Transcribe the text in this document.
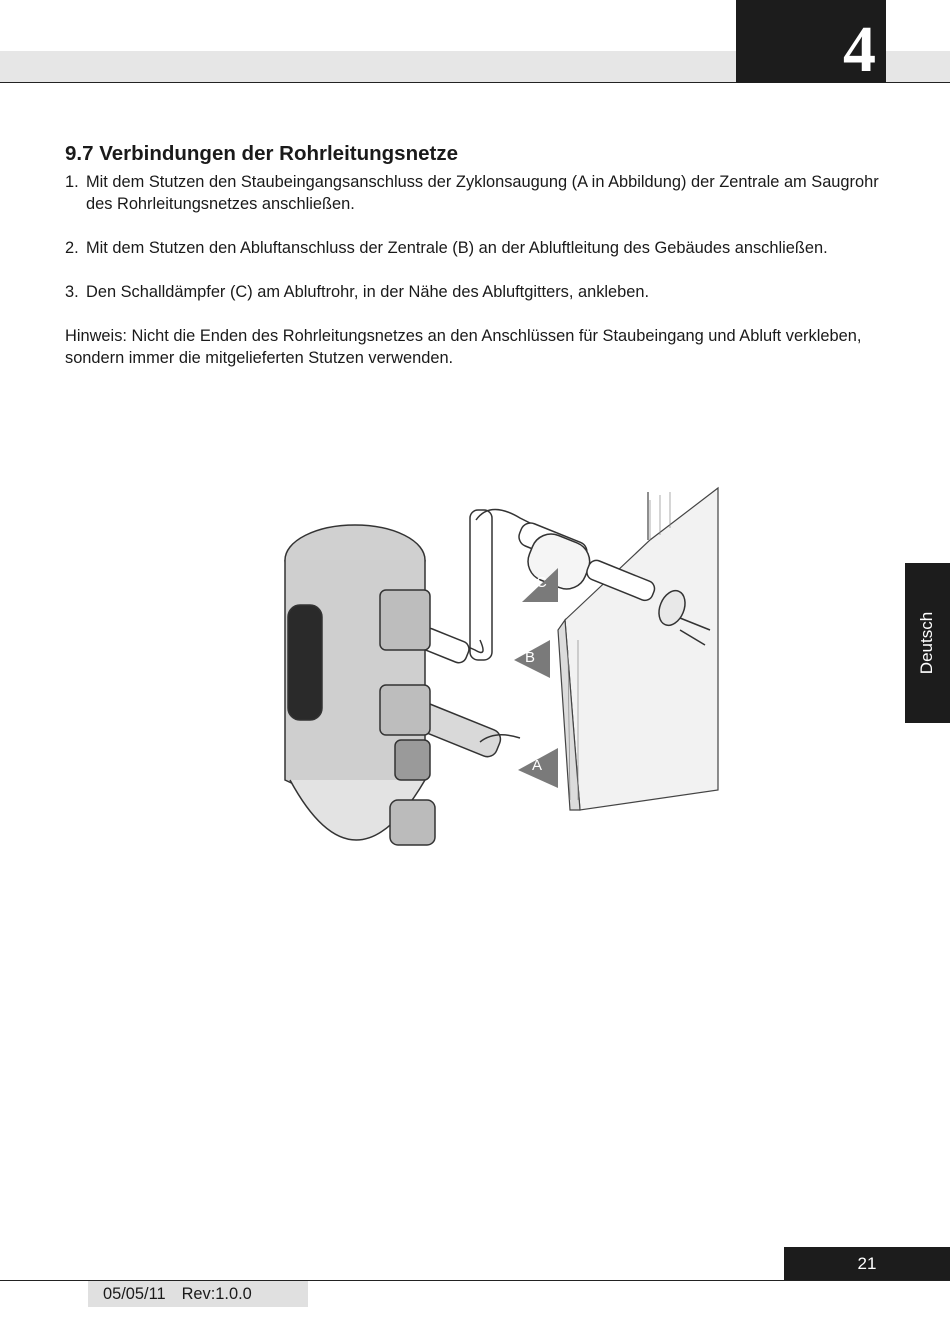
4
9.7 Verbindungen der Rohrleitungsnetze
1. Mit dem Stutzen den Staubeingangsanschluss der Zyklonsaugung (A in Abbildung) der Zentrale am Saugrohr des Rohrleitungsnetzes anschließen.
2. Mit dem Stutzen den Abluftanschluss der Zentrale (B) an der Abluftleitung des Gebäudes anschließen.
3. Den Schalldämpfer (C) am Abluftrohr, in der Nähe des Abluftgitters, ankleben.

Hinweis: Nicht die Enden des Rohrleitungsnetzes an den Anschlüssen für Staubeingang und Abluft verkleben, sondern immer die mitgelieferten Stutzen verwenden.

C
B
A
Deutsch
21
05/05/11 Rev:1.0.0
